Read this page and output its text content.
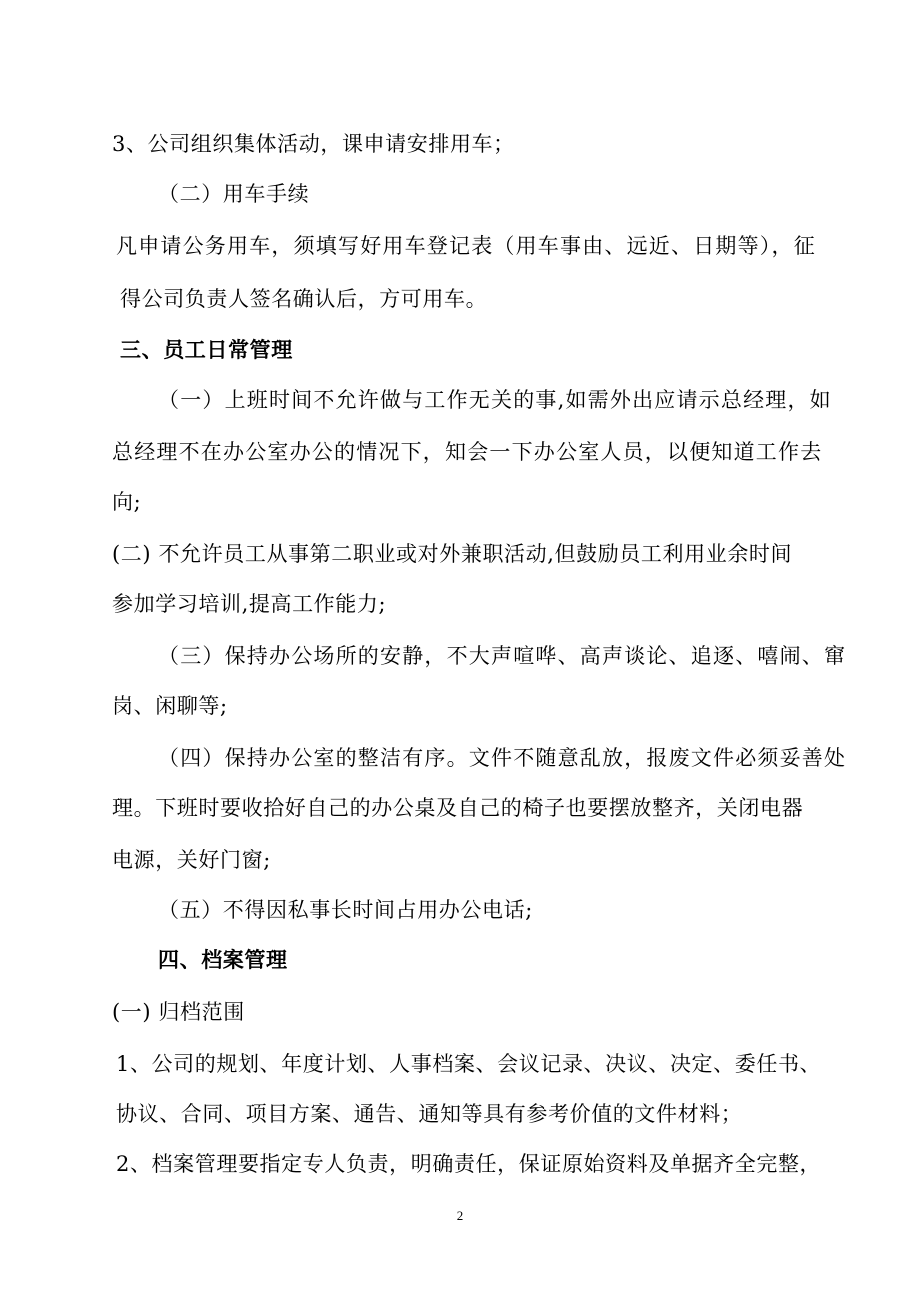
3、公司组织集体活动，课申请安排用车；
（二）用车手续
凡申请公务用车，须填写好用车登记表（用车事由、远近、日期等），征
得公司负责人签名确认后，方可用车。
三、员工日常管理
（一）上班时间不允许做与工作无关的事,如需外出应请示总经理，如
总经理不在办公室办公的情况下，知会一下办公室人员，以便知道工作去
向;
(二) 不允许员工从事第二职业或对外兼职活动,但鼓励员工利用业余时间
参加学习培训,提高工作能力;
（三）保持办公场所的安静，不大声喧哗、高声谈论、追逐、嘻闹、窜
岗、闲聊等;
（四）保持办公室的整洁有序。文件不随意乱放，报废文件必须妥善处
理。下班时要收拾好自己的办公桌及自己的椅子也要摆放整齐，关闭电器
电源，关好门窗;
（五）不得因私事长时间占用办公电话;
四、档案管理
(一) 归档范围
1、公司的规划、年度计划、人事档案、会议记录、决议、决定、委任书、
协议、合同、项目方案、通告、通知等具有参考价值的文件材料；
2、档案管理要指定专人负责，明确责任，保证原始资料及单据齐全完整，
2
